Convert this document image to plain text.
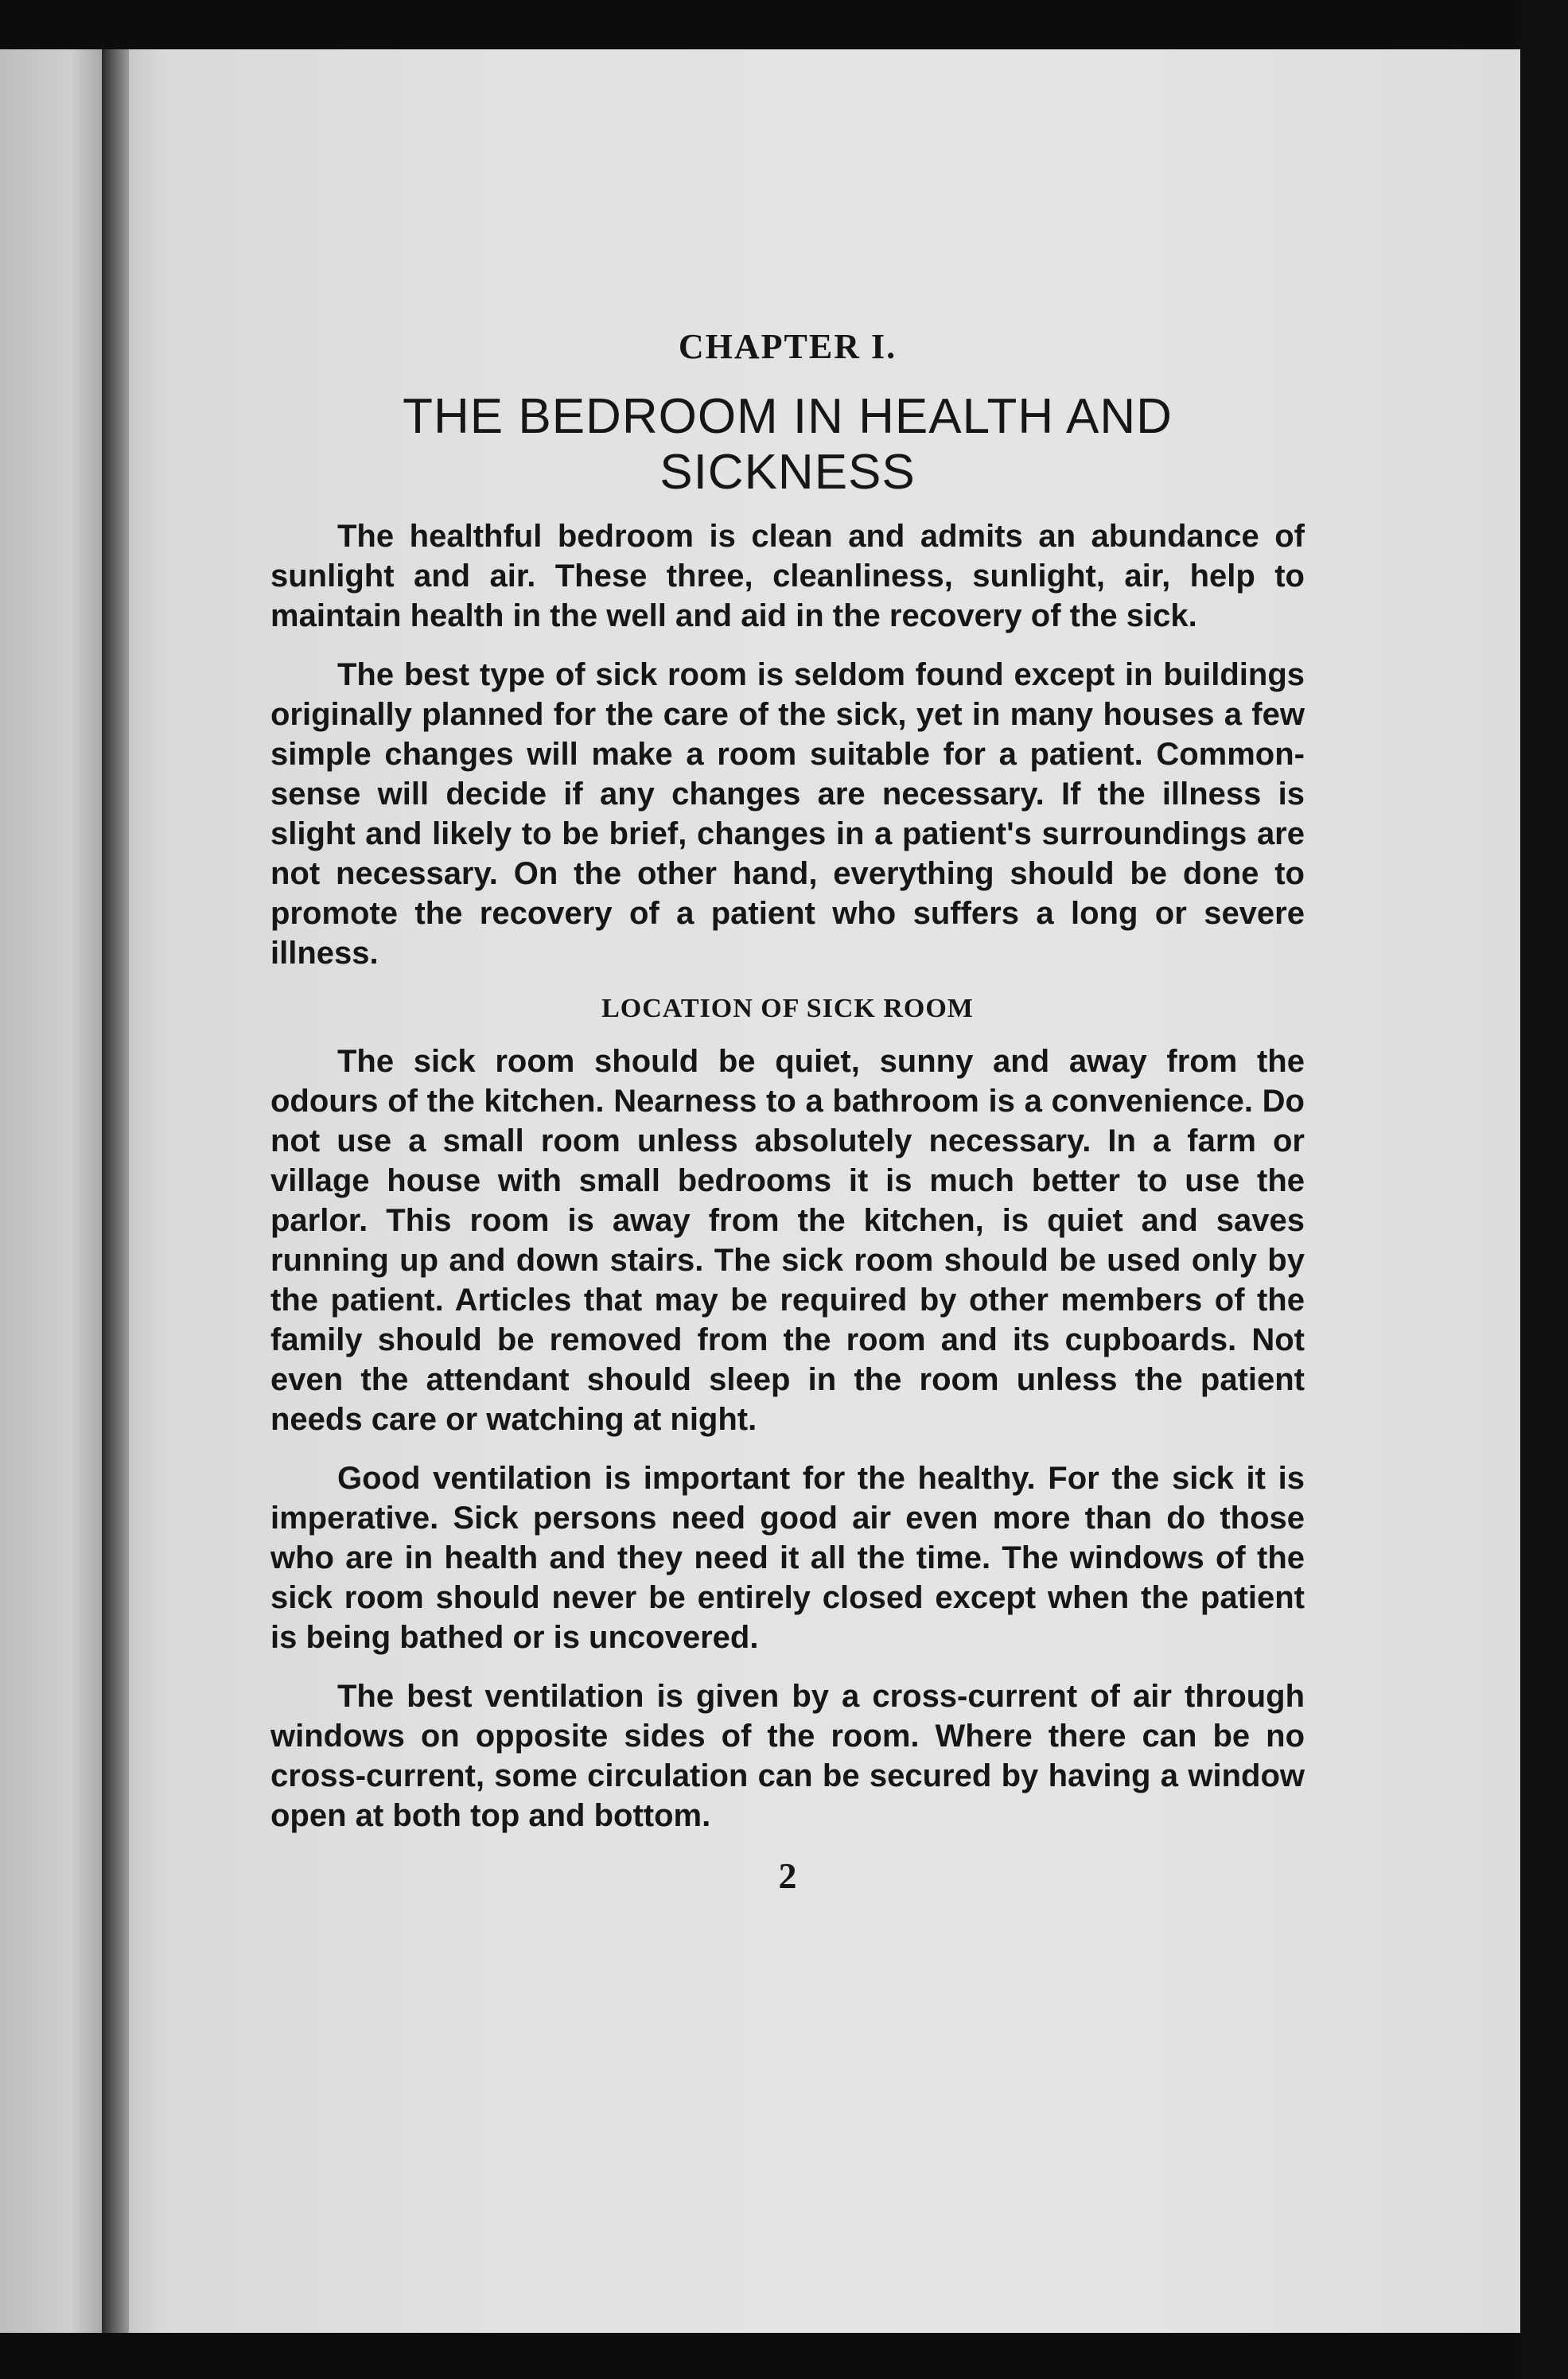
CHAPTER I.
THE BEDROOM IN HEALTH AND
SICKNESS

The healthful bedroom is clean and admits an abundance of sunlight and air. These three, cleanliness, sunlight, air, help to maintain health in the well and aid in the recovery of the sick.

The best type of sick room is seldom found except in buildings originally planned for the care of the sick, yet in many houses a few simple changes will make a room suitable for a patient. Common-sense will decide if any changes are necessary. If the illness is slight and likely to be brief, changes in a patient's surroundings are not necessary. On the other hand, everything should be done to promote the recovery of a patient who suffers a long or severe illness.

LOCATION OF SICK ROOM

The sick room should be quiet, sunny and away from the odours of the kitchen. Nearness to a bathroom is a convenience. Do not use a small room unless absolutely necessary. In a farm or village house with small bedrooms it is much better to use the parlor. This room is away from the kitchen, is quiet and saves running up and down stairs. The sick room should be used only by the patient. Articles that may be required by other members of the family should be removed from the room and its cupboards. Not even the attendant should sleep in the room unless the patient needs care or watching at night.

Good ventilation is important for the healthy. For the sick it is imperative. Sick persons need good air even more than do those who are in health and they need it all the time. The windows of the sick room should never be entirely closed except when the patient is being bathed or is uncovered.

The best ventilation is given by a cross-current of air through windows on opposite sides of the room. Where there can be no cross-current, some circulation can be secured by having a window open at both top and bottom.

2
